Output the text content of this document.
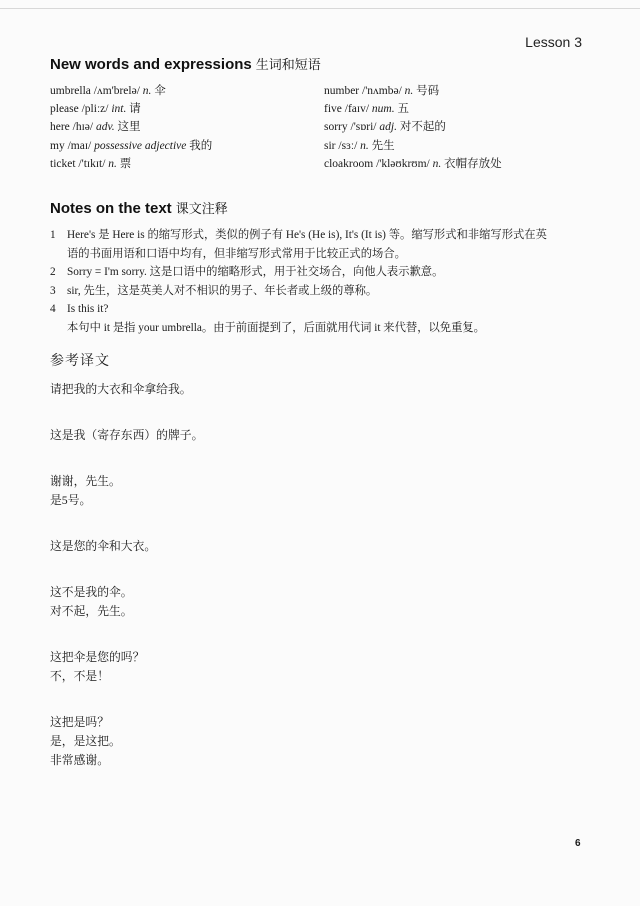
Lesson 3
New words and expressions 生词和短语
umbrella /ʌm'brelə/ n. 伞
please /pliːz/ int. 请
here /hɪə/ adv. 这里
my /maɪ/ possessive adjective 我的
ticket /'tɪkɪt/ n. 票
number /'nʌmbə/ n. 号码
five /faɪv/ num. 五
sorry /'sɒri/ adj. 对不起的
sir /sɜː/ n. 先生
cloakroom /'kləʊkrʊm/ n. 衣帽存放处
Notes on the text 课文注释
1 Here's 是 Here is 的缩写形式，类似的例子有 He's (He is), It's (It is) 等。缩写形式和非缩写形式在英
语的书面用语和口语中均有，但非缩写形式常用于比较正式的场合。
2 Sorry = I'm sorry. 这是口语中的缩略形式，用于社交场合，向他人表示歉意。
3 sir, 先生，这是英美人对不相识的男子、年长者或上级的尊称。
4 Is this it?
本句中 it 是指 your umbrella。由于前面提到了，后面就用代词 it 来代替，以免重复。
参考译文
请把我的大衣和伞拿给我。
这是我（寄存东西）的牌子。
谢谢，先生。
是5号。
这是您的伞和大衣。
这不是我的伞。
对不起，先生。
这把伞是您的吗？
不，不是！
这把是吗？
是，是这把。
非常感谢。
6
